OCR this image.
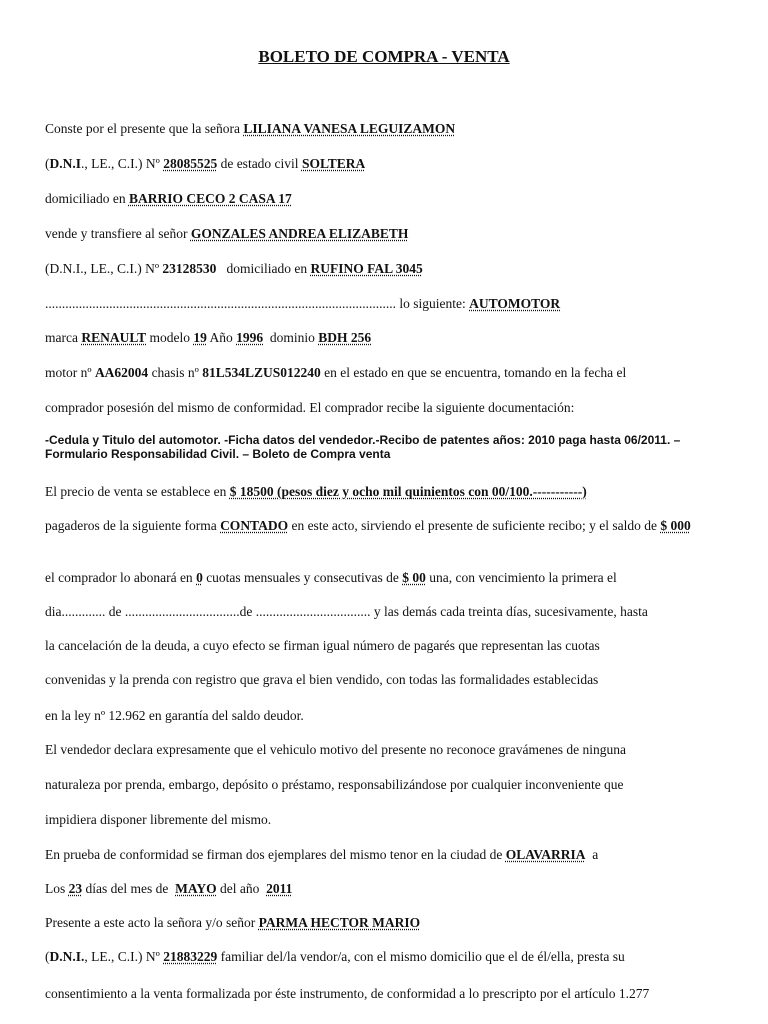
BOLETO DE COMPRA - VENTA
Conste por el presente que la señora LILIANA VANESA LEGUIZAMON
(D.N.I., LE., C.I.) Nº 28085525 de estado civil SOLTERA
domiciliado en BARRIO CECO 2 CASA 17
vende y transfiere al señor GONZALES ANDREA ELIZABETH
(D.N.I., LE., C.I.) Nº 23128530   domiciliado en RUFINO FAL 3045
........................................................................................................ lo siguiente: AUTOMOTOR
marca RENAULT modelo 19 Año 1996  dominio BDH 256
motor nº AA62004 chasis nº 81L534LZUS012240 en el estado en que se encuentra, tomando en la fecha el
comprador posesión del mismo de conformidad. El comprador recibe la siguiente documentación:
-Cedula y Titulo del automotor. -Ficha datos del vendedor.-Recibo de patentes años: 2010 paga hasta 06/2011. – Formulario Responsabilidad Civil. – Boleto de Compra venta
El precio de venta se establece en $ 18500 (pesos diez y ocho mil quinientos con 00/100.-----------)
pagaderos de la siguiente forma CONTADO en este acto, sirviendo el presente de suficiente recibo; y el saldo de $ 000
el comprador lo abonará en 0 cuotas mensuales y consecutivas de $ 00 una, con vencimiento la primera el
dia............. de ..................................de .................................. y las demás cada treinta días, sucesivamente, hasta
la cancelación de la deuda, a cuyo efecto se firman igual número de pagarés que representan las cuotas
convenidas y la prenda con registro que grava el bien vendido, con todas las formalidades establecidas
en la ley nº 12.962 en garantía del saldo deudor.
El vendedor declara expresamente que el vehiculo motivo del presente no reconoce gravámenes de ninguna
naturaleza por prenda, embargo, depósito o préstamo, responsabilizándose por cualquier inconveniente que
impidiera disponer libremente del mismo.
En prueba de conformidad se firman dos ejemplares del mismo tenor en la ciudad de OLAVARRIA  a
Los 23 días del mes de  MAYO del año  2011
Presente a este acto la señora y/o señor PARMA HECTOR MARIO
(D.N.I., LE., C.I.) Nº 21883229 familiar del/la vendor/a, con el mismo domicilio que el de él/ella, presta su
consentimiento a la venta formalizada por éste instrumento, de conformidad a lo prescripto por el artículo 1.277
